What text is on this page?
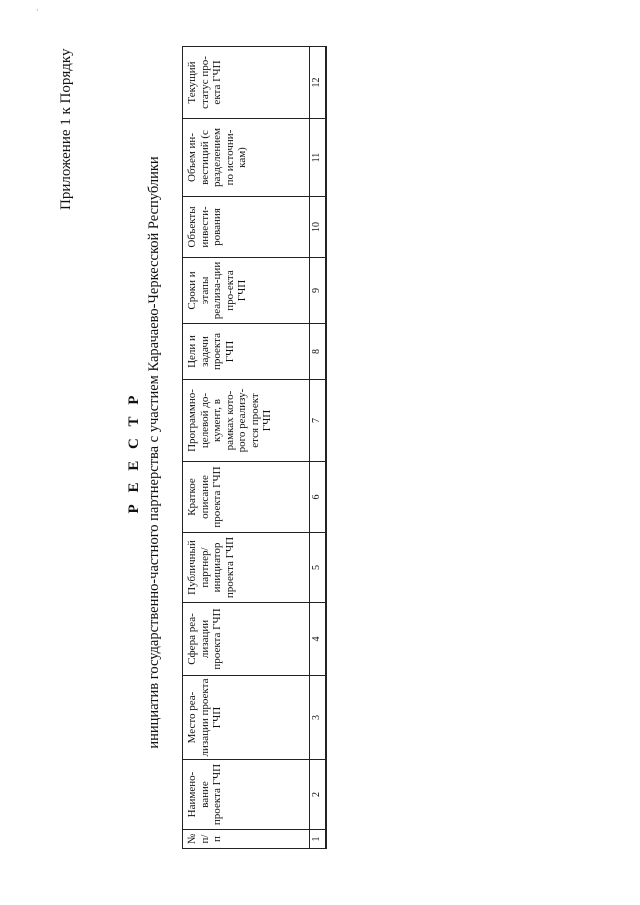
·
Приложение 1 к Порядку
Р Е Е С Т Р инициатив государственно-частного партнерства с участием Карачаево-Черкесской Республики
№ п/п	Наимено-вание проекта ГЧП	Место реа-лизации проекта ГЧП	Сфера реа-лизации проекта ГЧП	Публичный партнер/ инициатор проекта ГЧП	Краткое описание проекта ГЧП	Программно-целевой до-кумент, в рамках кото-рого реализу-ется проект ГЧП	Цели и задачи проекта ГЧП	Сроки и этапы реализа-ции про-екта ГЧП	Объекты инвести-рования	Объем ин-вестиций (с разделением по источни-кам)	Текущий статус про-екта ГЧП
1	2	3	4	5	6	7	8	9	10	11	12
